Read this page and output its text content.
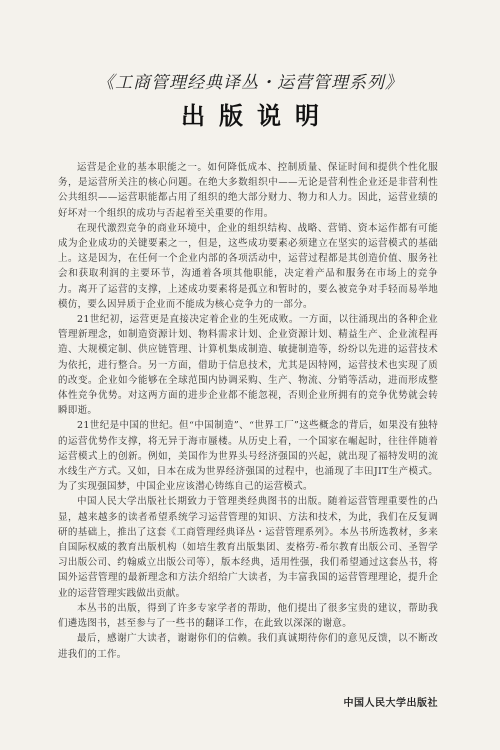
《工商管理经典译丛・运营管理系列》
出版说明

运营是企业的基本职能之一。如何降低成本、控制质量、保证时间和提供个性化服务，是运营所关注的核心问题。在绝大多数组织中——无论是营利性企业还是非营利性公共组织——运营职能都占用了组织的绝大部分财力、物力和人力。因此，运营业绩的好坏对一个组织的成功与否起着至关重要的作用。

在现代激烈竞争的商业环境中，企业的组织结构、战略、营销、资本运作都有可能成为企业成功的关键要素之一，但是，这些成功要素必须建立在坚实的运营模式的基础上。这是因为，在任何一个企业内部的各项活动中，运营过程都是其创造价值、服务社会和获取利润的主要环节，沟通着各项其他职能，决定着产品和服务在市场上的竞争力。离开了运营的支撑，上述成功要素将是孤立和暂时的，要么被竞争对手轻而易举地模仿，要么因异质于企业而不能成为核心竞争力的一部分。

21世纪初，运营更是直接决定着企业的生死成败。一方面，以往涌现出的各种企业管理新理念，如制造资源计划、物料需求计划、企业资源计划、精益生产、企业流程再造、大规模定制、供应链管理、计算机集成制造、敏捷制造等，纷纷以先进的运营技术为依托，进行整合。另一方面，借助于信息技术，尤其是因特网，运营技术也实现了质的改变。企业如今能够在全球范围内协调采购、生产、物流、分销等活动，进而形成整体性竞争优势。对这两方面的进步企业都不能忽视，否则企业所拥有的竞争优势就会转瞬即逝。

21世纪是中国的世纪。但“中国制造”、“世界工厂”这些概念的背后，如果没有独特的运营优势作支撑，将无异于海市蜃楼。从历史上看，一个国家在崛起时，往往伴随着运营模式上的创新。例如，美国作为世界头号经济强国的兴起，就出现了福特发明的流水线生产方式。又如，日本在成为世界经济强国的过程中，也涌现了丰田JIT生产模式。为了实现强国梦，中国企业应该潜心铸练自己的运营模式。

中国人民大学出版社长期致力于管理类经典图书的出版。随着运营管理重要性的凸显，越来越多的读者希望系统学习运营管理的知识、方法和技术，为此，我们在反复调研的基础上，推出了这套《工商管理经典译丛・运营管理系列》。本丛书所选教材，多来自国际权威的教育出版机构（如培生教育出版集团、麦格劳-希尔教育出版公司、圣智学习出版公司、约翰威立出版公司等），版本经典，适用性强，我们希望通过这套丛书，将国外运营管理的最新理念和方法介绍给广大读者，为丰富我国的运营管理理论，提升企业的运营管理实践做出贡献。

本丛书的出版，得到了许多专家学者的帮助，他们提出了很多宝贵的建议，帮助我们遴选图书，甚至参与了一些书的翻译工作，在此致以深深的谢意。

最后，感谢广大读者，谢谢你们的信赖。我们真诚期待你们的意见反馈，以不断改进我们的工作。

中国人民大学出版社
